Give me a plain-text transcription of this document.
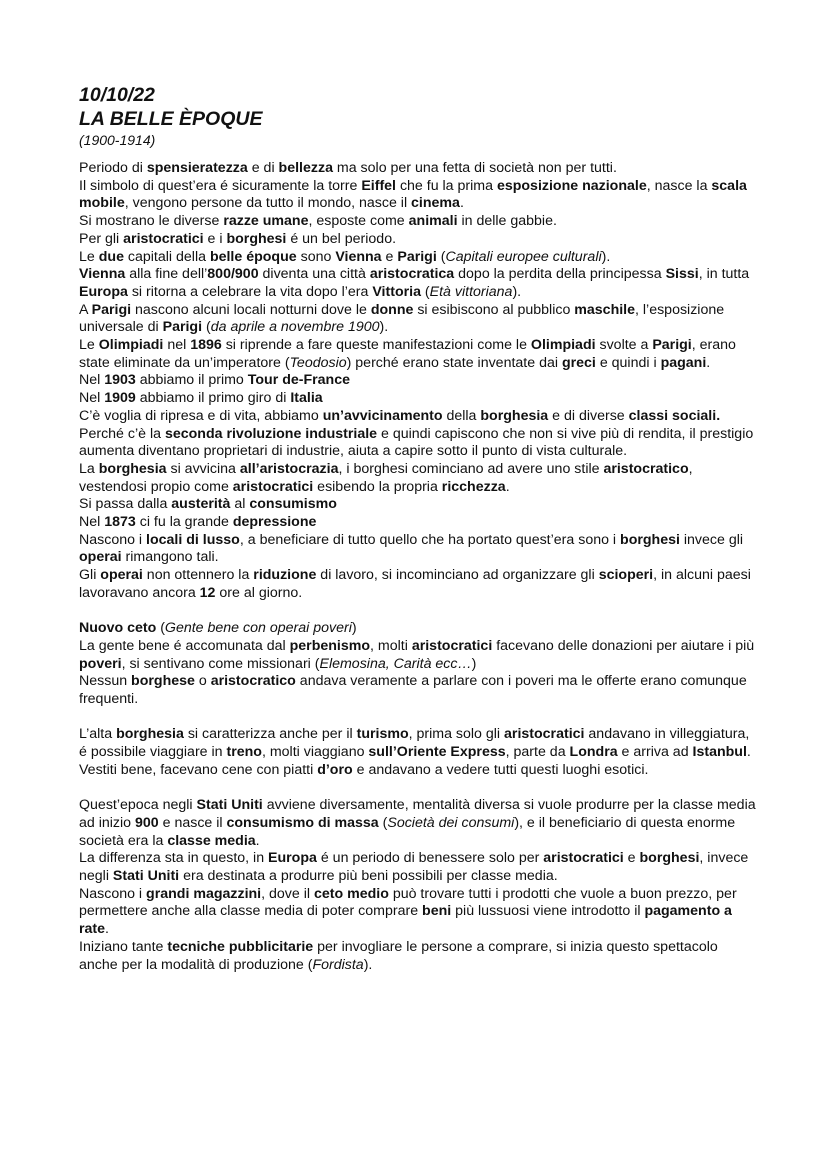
10/10/22
LA BELLE ÈPOQUE
(1900-1914)

Periodo di spensieratezza e di bellezza ma solo per una fetta di società non per tutti.

Il simbolo di quest’era é sicuramente la torre Eiffel che fu la prima esposizione nazionale, nasce la scala mobile, vengono persone da tutto il mondo, nasce il cinema.

Si mostrano le diverse razze umane, esposte come animali in delle gabbie.

Per gli aristocratici e i borghesi é un bel periodo.

Le due capitali della belle époque sono Vienna e Parigi (Capitali europee culturali).

Vienna alla fine dell’800/900 diventa una città aristocratica dopo la perdita della principessa Sissi, in tutta Europa si ritorna a celebrare la vita dopo l’era Vittoria (Età vittoriana).

A Parigi nascono alcuni locali notturni dove le donne si esibiscono al pubblico maschile, l’esposizione universale di Parigi (da aprile a novembre 1900).

Le Olimpiadi nel 1896 si riprende a fare queste manifestazioni come le Olimpiadi svolte a Parigi, erano state eliminate da un’imperatore (Teodosio) perché erano state inventate dai greci e quindi i pagani.

Nel 1903 abbiamo il primo Tour de-France

Nel 1909 abbiamo il primo giro di Italia

C’è voglia di ripresa e di vita, abbiamo un’avvicinamento della borghesia e di diverse classi sociali.

Perché c’è la seconda rivoluzione industriale e quindi capiscono che non si vive più di rendita, il prestigio aumenta diventano proprietari di industrie, aiuta a capire sotto il punto di vista culturale.

La borghesia si avvicina all’aristocrazia, i borghesi cominciano ad avere uno stile aristocratico, vestendosi propio come aristocratici esibendo la propria ricchezza.

Si passa dalla austerità al consumismo

Nel 1873 ci fu la grande depressione

Nascono i locali di lusso, a beneficiare di tutto quello che ha portato quest’era sono i borghesi invece gli operai rimangono tali.

Gli operai non ottennero la riduzione di lavoro, si incominciano ad organizzare gli scioperi, in alcuni paesi lavoravano ancora 12 ore al giorno.

Nuovo ceto (Gente bene con operai poveri)

La gente bene é accomunata dal perbenismo, molti aristocratici facevano delle donazioni per aiutare i più poveri, si sentivano come missionari (Elemosina, Carità ecc…)

Nessun borghese o aristocratico andava veramente a parlare con i poveri ma le offerte erano comunque frequenti.

L’alta borghesia si caratterizza anche per il turismo, prima solo gli aristocratici andavano in villeggiatura, é possibile viaggiare in treno, molti viaggiano sull’Oriente Express, parte da Londra e arriva ad Istanbul.

Vestiti bene, facevano cene con piatti d’oro e andavano a vedere tutti questi luoghi esotici.

Quest’epoca negli Stati Uniti avviene diversamente, mentalità diversa si vuole produrre per la classe media ad inizio 900 e nasce il consumismo di massa (Società dei consumi), e il beneficiario di questa enorme società era la classe media.

La differenza sta in questo, in Europa é un periodo di benessere solo per aristocratici e borghesi, invece negli Stati Uniti era destinata a produrre più beni possibili per classe media.

Nascono i grandi magazzini, dove il ceto medio può trovare tutti i prodotti che vuole a buon prezzo, per permettere anche alla classe media di poter comprare beni più lussuosi viene introdotto il pagamento a rate.

Iniziano tante tecniche pubblicitarie per invogliare le persone a comprare, si inizia questo spettacolo anche per la modalità di produzione (Fordista).
